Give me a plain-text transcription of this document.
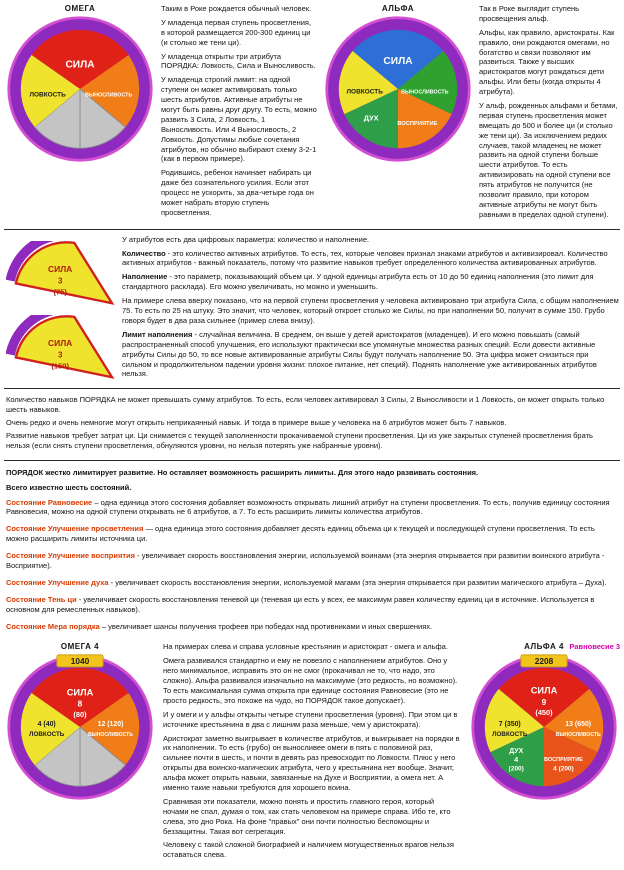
ОМЕГА
СИЛА
ЛОВКОСТЬ	ВЫНОСЛИВОСТЬ

Таким в Роке рождается обычный человек.

У младенца первая ступень просветления, в которой размещается 200-300 единиц ци (и столько же тени ци).

У младенца открыты три атрибута ПОРЯДКА: Ловкость, Сила и Выносливость.

У младенца строгий лимит: на одной ступени он может активировать только шесть атрибутов. Активные атрибуты не могут быть равны друг другу. То есть, можно развить 3 Сила, 2 Ловкость, 1 Выносливость. Или 4 Выносливость, 2 Ловкость. Допустимы любые сочетания атрибутов, но обычно выбирают схему 3-2-1 (как в первом примере).

Родившись, ребенок начинает набирать ци даже без сознательного усилия. Если этот процесс не ускорить, за два-четыре года он может набрать вторую ступень просветления.

АЛЬФА
СИЛА
ЛОВКОСТЬ	ВЫНОСЛИВОСТЬ
ДУХ
ВОСПРИЯТИЕ

Так в Роке выглядит ступень просвещения альф.

Альфы, как правило, аристократы. Как правило, они рождаются омегами, но богатство и связи позволяют им развиться. Также у высших аристократов могут рождаться дети альфы. Или беты (когда открыты 4 атрибута).

У альф, рожденных альфами и бетами, первая ступень просветления может вмещать до 500 и более ци (и столько же тени ци). За исключением редких случаев, такой младенец не может развить на одной ступени больше шести атрибутов. То есть активизировать на одной ступени все пять атрибутов не получится (не позволит правило, при котором активные атрибуты не могут быть равными в пределах одной ступени).

СИЛА
3
(75)
СИЛА
3
(150)

У атрибутов есть два цифровых параметра: количество и наполнение.

Количество - это количество активных атрибутов. То есть, тех, которые человек признал знаками атрибутов и активизировал. Количество активных атрибутов - важный показатель, потому что развитие навыков требует определенного количества активированных атрибутов.

Наполнение - это параметр, показывающий объем ци. У одной единицы атрибута есть от 10 до 50 единиц наполнения (это лимит для стандартного расклада). Его можно увеличивать, но можно и уменьшить.

На примере слева вверху показано, что на первой ступени просветления у человека активировано три атрибута Сила, с общим наполнением 75. То есть по 25 на штуку. Это значит, что человек, который откроет столько же Силы, но при наполнении 50, получит в сумме 150. Грубо говоря будет в два раза сильнее (пример слева внизу).

Лимит наполнения - случайная величина. В среднем, он выше у детей аристократов (младенцев). И его можно повышать (самый распространенный способ улучшения, его используют практически все упомянутые множества разных специй. Если довести активные атрибуты Силы до 50, то все новые активированные атрибуты Силы будут получать наполнение 50. Эта цифра может снизиться при сильном и продолжительном падении уровня жизни: плохое питание, нет специй). Поднять наполнение уже активированных атрибутов нельзя.

Количество навыков ПОРЯДКА не может превышать сумму атрибутов. То есть, если человек активировал 3 Силы, 2 Выносливости и 1 Ловкость, он может открыть только шесть навыков.

Очень редко и очень немногие могут открыть неприкаянный навык. И тогда в примере выше у человека на 6 атрибутов может быть 7 навыков.

Развитие навыков требует затрат ци. Ци снимается с текущей заполненности прокачиваемой ступени просветления. Ци из уже закрытых ступеней просветления брать нельзя (если снять ступени просветления, обнуляются уровни, но нельзя потерять уже набранные уровни).

ПОРЯДОК жестко лимитирует развитие. Но оставляет возможность расширить лимиты. Для этого надо развивать состояния.

Всего известно шесть состояний.

Состояние Равновесие – одна единица этого состояния добавляет возможность открывать лишний атрибут на ступени просветления. То есть, получив единицу состояния Равновесия, можно на одной ступени открывать не 6 атрибутов, а 7. То есть расширить лимиты количества атрибутов.

Состояние Улучшение просветления — одна единица этого состояния добавляет десять единиц объема ци к текущей и последующей ступени просветления. То есть можно расширить лимиты источника ци.

Состояние Улучшение восприятия - увеличивает скорость восстановления энергии, используемой воинами (эта энергия открывается при развитии воинского атрибута - Восприятие).

Состояние Улучшение духа - увеличивает скорость восстановления энергии, используемой магами (эта энергия открывается при развитии магического атрибута – Духа).

Состояние Тень ци - увеличивает скорость восстановления теневой ци (теневая ци есть у всех, ее максимум равен количеству единиц ци в источнике. Используется в основном для ремесленных навыков).

Состояние Мера порядка – увеличивает шансы получения трофеев при победах над противниками и иных свершениях.

ОМЕГА 4
СИЛА
8
(80)
4 (40)
ЛОВКОСТЬ
12 (120)
ВЫНОСЛИВОСТЬ
1040

На примерах слева и справа условные крестьянин и аристократ - омега и альфа.

Омега развивался стандартно и ему не повезло с наполнением атрибутов. Оно у него минимальное, исправить это он не смог (прокачивал не то, что надо, это сложно). Альфа развивался изначально на максимуме (это редкость, но возможно). То есть максимальная сумма открыта при единице состояния Равновесие (это не просто редкость, это похоже на чудо, но ПОРЯДОК такое допускает).

И у омеги и у альфы открыты четыре ступени просветления (уровня). При этом ци в источнике крестьянина в два с лишним раза меньше, чем у аристократа).

Аристократ заметно выигрывает в количестве атрибутов, и выигрывает на порядки в их наполнении. То есть (грубо) он выносливее омеги в пять с половиной раз, сильнее почти в шесть, и почти в девять раз превосходит по Ловкости. Плюс у него открыты два воинско-магических атрибута, чего у крестьянина нет вообще. Значит, альфа может открыть навыки, завязанные на Духе и Восприятии, а омега нет. А именно такие навыки требуются для хорошего воина.

Сравнивая эти показатели, можно понять и простить главного героя, который ночами не спал, думая о том, как стать человеком на примере справа. Ибо те, кто слева, это дно Рока. На фоне "правых" они почти полностью беспомощны и беззащитны. Такая вот сегрегация.

Человеку с такой сложной биографией и наличием могущественных врагов нельзя оставаться слева.

АЛЬФА 4 Равновесие 3
СИЛА
9
(450)
7 (350)
ЛОВКОСТЬ
13 (650)
ВЫНОСЛИВОСТЬ
ДУХ
4
(200)
ВОСПРИЯТИЕ
4 (200)
2208
